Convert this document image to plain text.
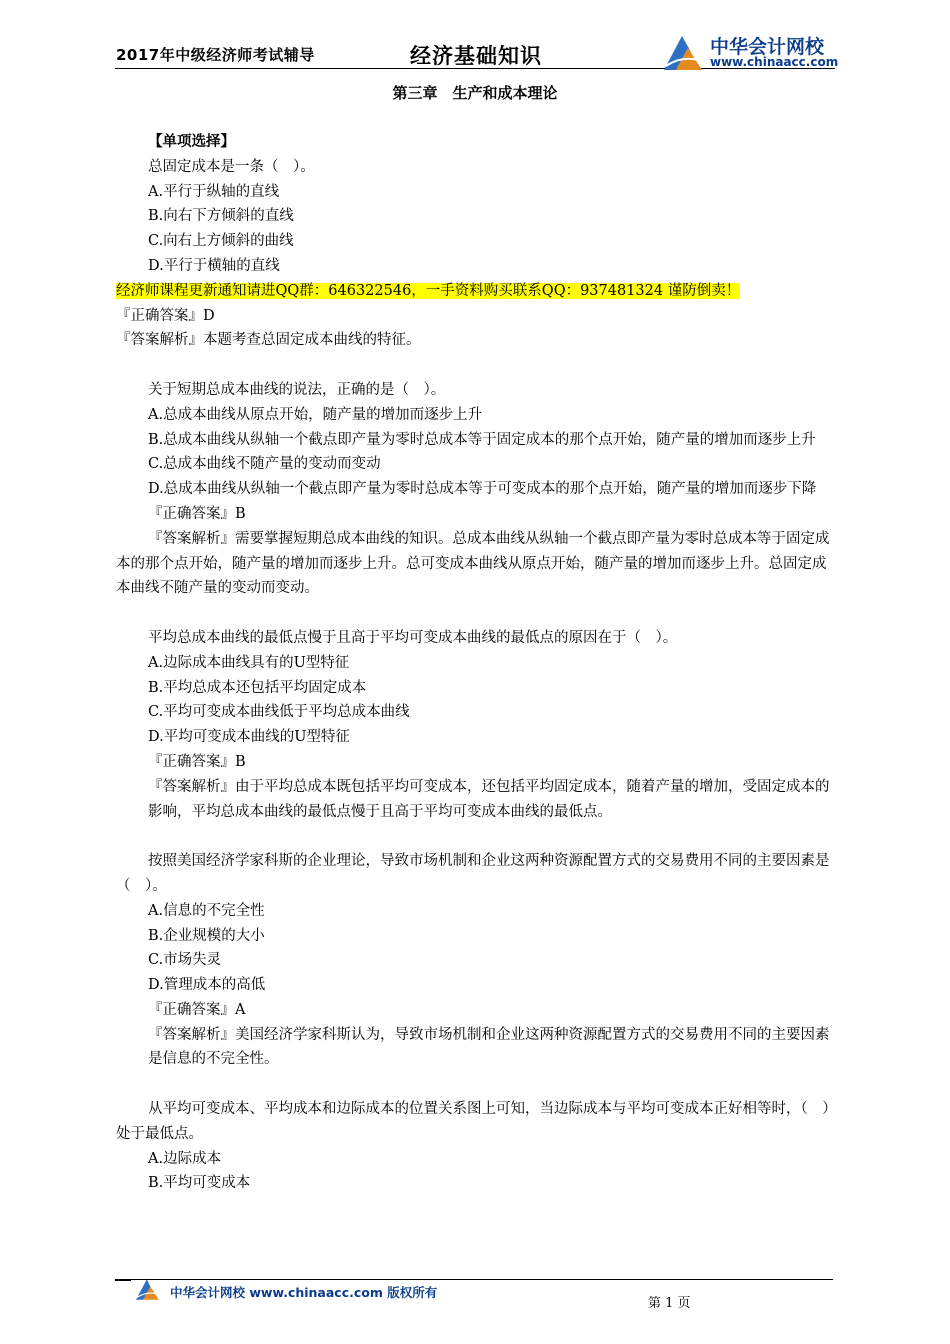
2017年中级经济师考试辅导	经济基础知识	中华会计网校
www.chinaacc.com
第三章　生产和成本理论

【单项选择】

总固定成本是一条（　）。

A.平行于纵轴的直线

B.向右下方倾斜的直线

C.向右上方倾斜的曲线

D.平行于横轴的直线

经济师课程更新通知请进QQ群：646322546，一手资料购买联系QQ：937481324 谨防倒卖！

『正确答案』D

『答案解析』本题考查总固定成本曲线的特征。

关于短期总成本曲线的说法，正确的是（　）。

A.总成本曲线从原点开始，随产量的增加而逐步上升

B.总成本曲线从纵轴一个截点即产量为零时总成本等于固定成本的那个点开始，随产量的增加而逐步上升

C.总成本曲线不随产量的变动而变动

D.总成本曲线从纵轴一个截点即产量为零时总成本等于可变成本的那个点开始，随产量的增加而逐步下降

『正确答案』B

『答案解析』需要掌握短期总成本曲线的知识。总成本曲线从纵轴一个截点即产量为零时总成本等于固定成本的那个点开始，随产量的增加而逐步上升。总可变成本曲线从原点开始，随产量的增加而逐步上升。总固定成本曲线不随产量的变动而变动。

平均总成本曲线的最低点慢于且高于平均可变成本曲线的最低点的原因在于（　）。

A.边际成本曲线具有的U型特征

B.平均总成本还包括平均固定成本

C.平均可变成本曲线低于平均总成本曲线

D.平均可变成本曲线的U型特征

『正确答案』B

『答案解析』由于平均总成本既包括平均可变成本，还包括平均固定成本，随着产量的增加，受固定成本的影响，平均总成本曲线的最低点慢于且高于平均可变成本曲线的最低点。

按照美国经济学家科斯的企业理论，导致市场机制和企业这两种资源配置方式的交易费用不同的主要因素是（　）。

A.信息的不完全性

B.企业规模的大小

C.市场失灵

D.管理成本的高低

『正确答案』A

『答案解析』美国经济学家科斯认为，导致市场机制和企业这两种资源配置方式的交易费用不同的主要因素是信息的不完全性。

从平均可变成本、平均成本和边际成本的位置关系图上可知，当边际成本与平均可变成本正好相等时，（　）处于最低点。

A.边际成本

B.平均可变成本

中华会计网校 www.chinaacc.com 版权所有
第 1 页
